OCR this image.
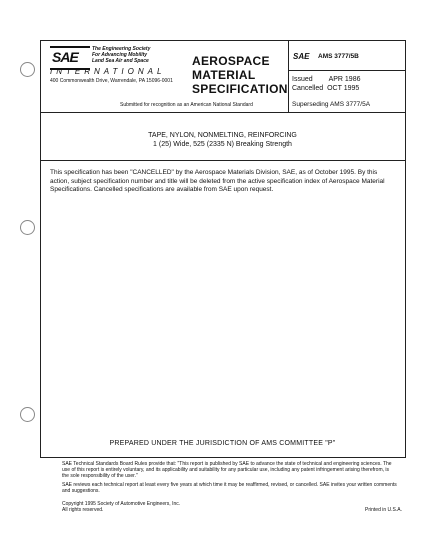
SAE	The Engineering Society
For Advancing Mobility
Land Sea Air and Space
INTERNATIONAL
400 Commonwealth Drive, Warrendale, PA 15096-0001
AEROSPACE
MATERIAL
SPECIFICATION
Submitted for recognition as an American National Standard
SAE AMS 3777/5B
Issued APR 1986
Cancelled OCT 1995
Superseding AMS 3777/5A
TAPE, NYLON, NONMELTING, REINFORCING
1 (25) Wide, 525 (2335 N) Breaking Strength
This specification has been "CANCELLED" by the Aerospace Materials Division, SAE, as of October 1995. By this action, subject specification number and title will be deleted from the active specification index of Aerospace Material Specifications. Cancelled specifications are available from SAE upon request.
PREPARED UNDER THE JURISDICTION OF AMS COMMITTEE "P"
SAE Technical Standards Board Rules provide that: "This report is published by SAE to advance the state of technical and engineering sciences. The use of this report is entirely voluntary, and its applicability and suitability for any particular use, including any patent infringement arising therefrom, is the sole responsibility of the user."
SAE reviews each technical report at least every five years at which time it may be reaffirmed, revised, or cancelled. SAE invites your written comments and suggestions.
Copyright 1995 Society of Automotive Engineers, Inc.
All rights reserved.	Printed in U.S.A.
